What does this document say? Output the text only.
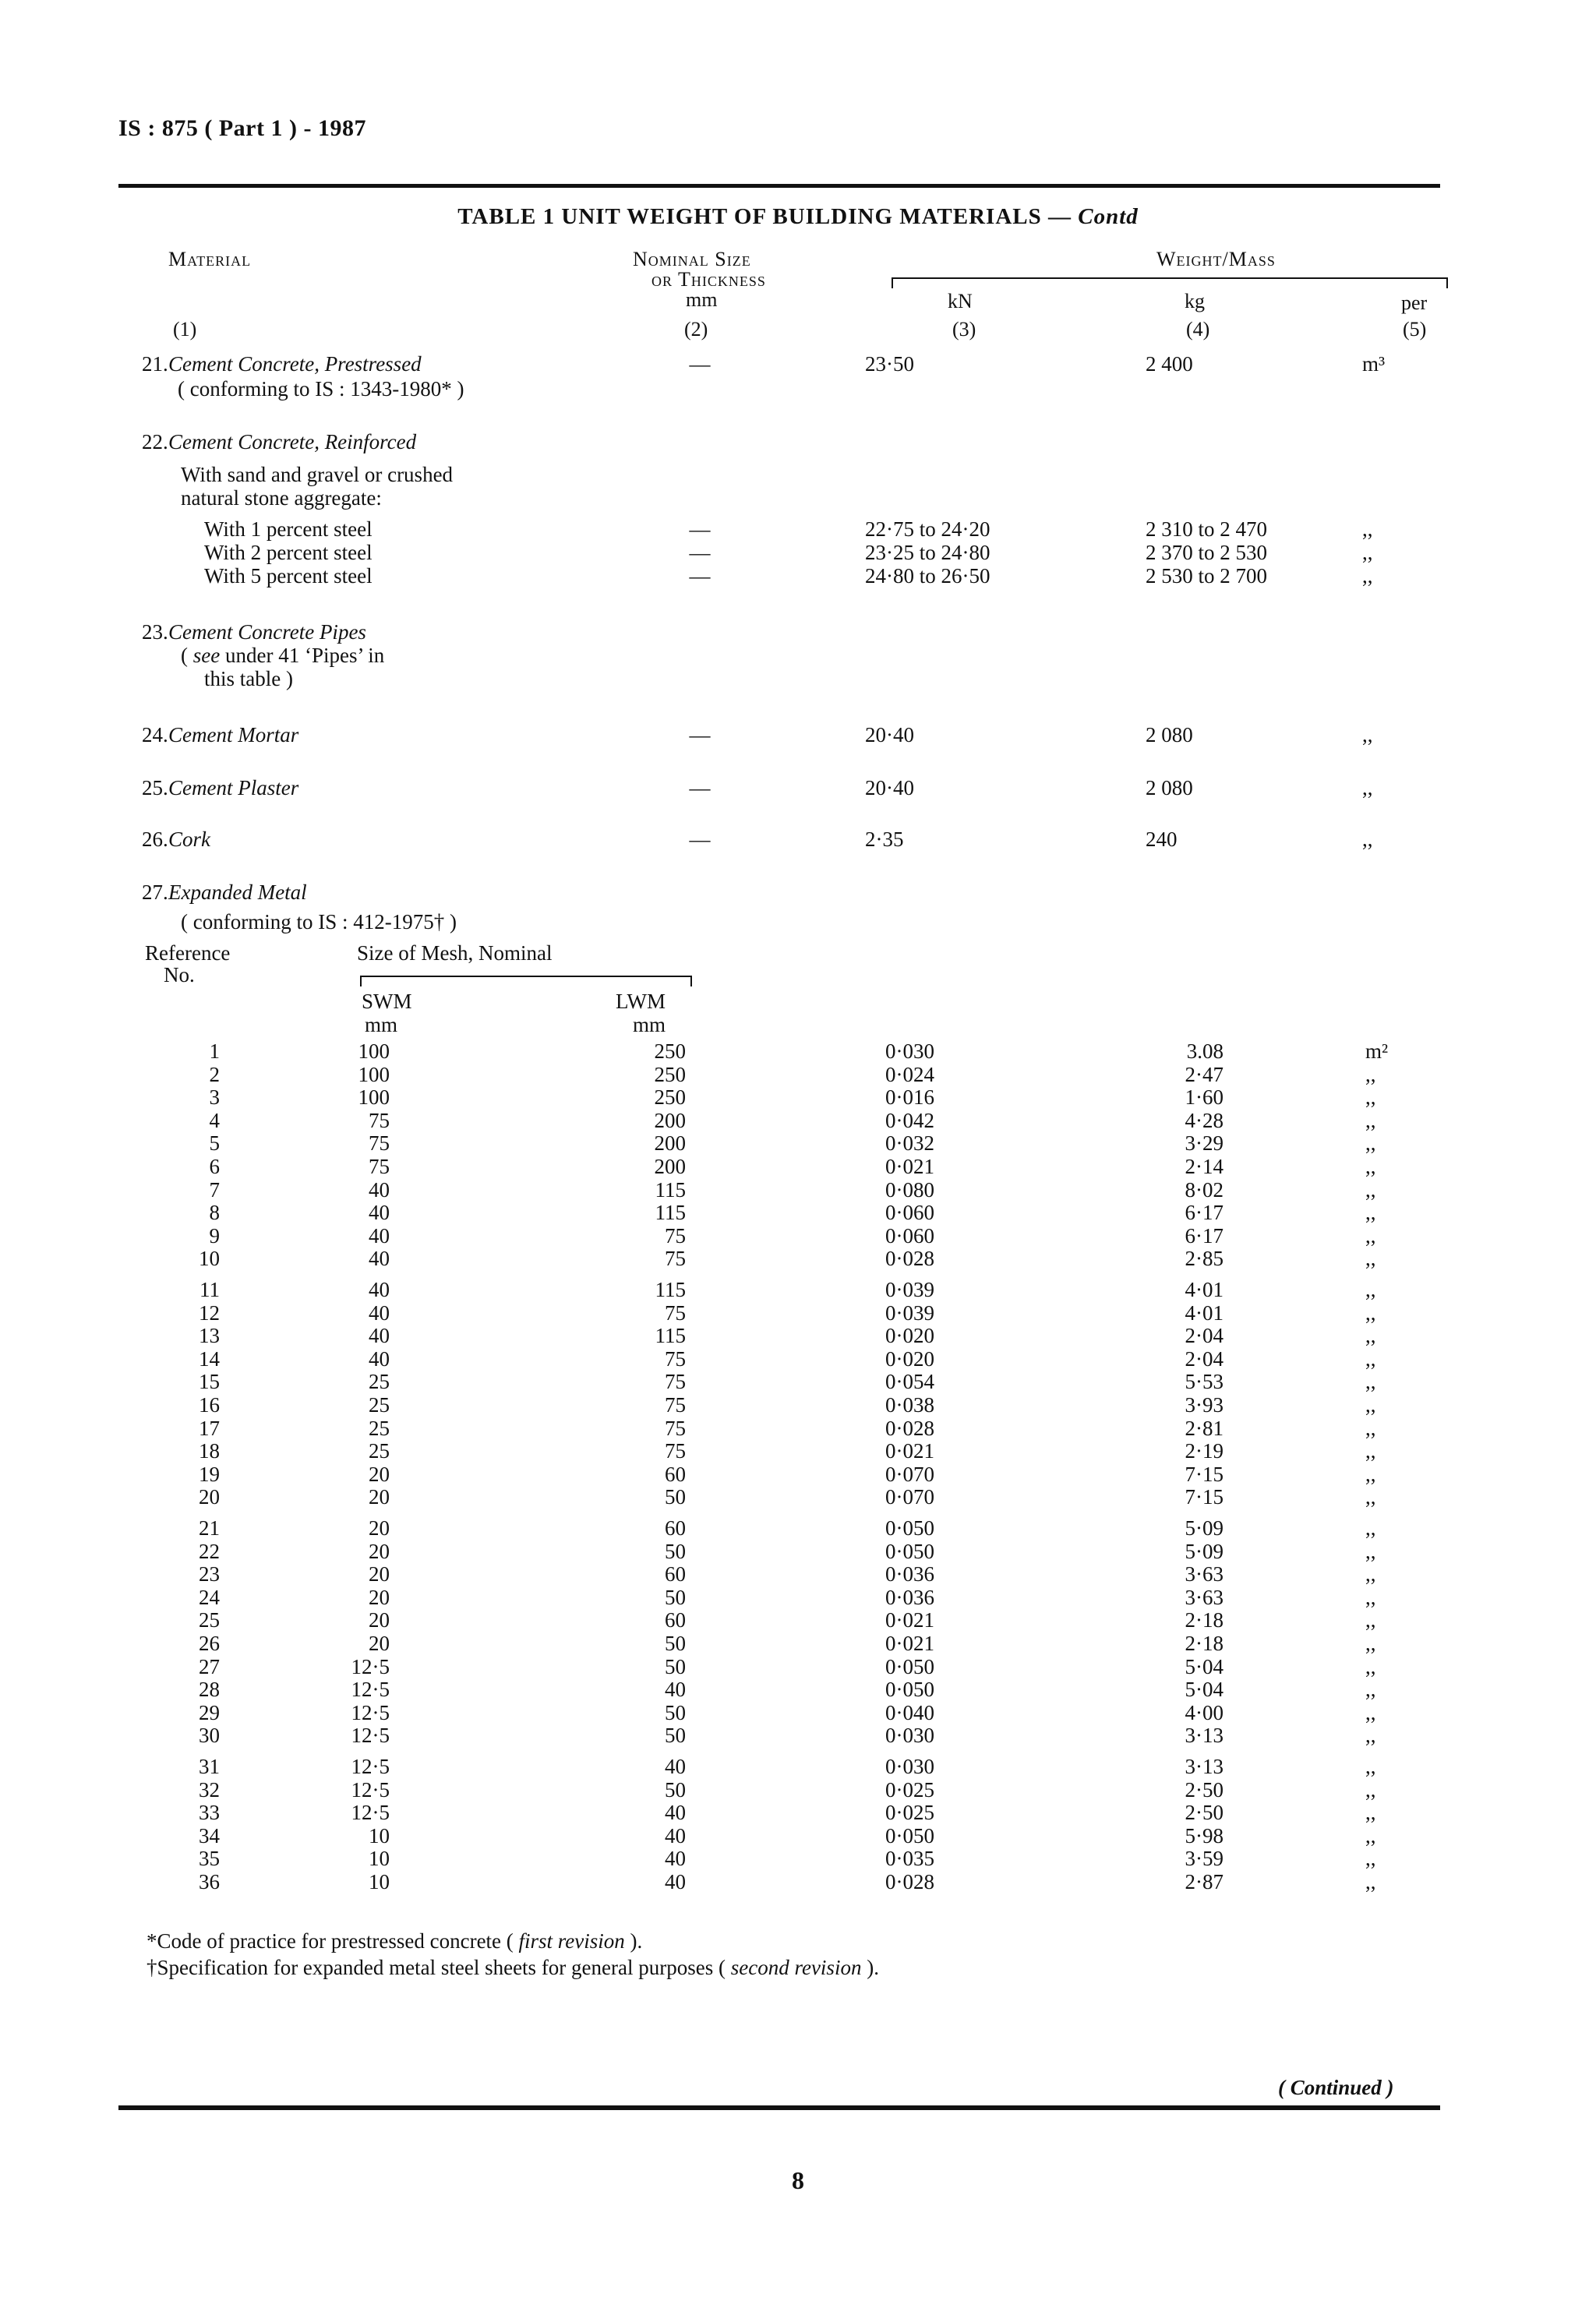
IS : 875 ( Part 1 ) - 1987
TABLE 1 UNIT WEIGHT OF BUILDING MATERIALS — Contd
Material	Nominal Size
or Thickness
mm
Weight/Mass
kN	kg	per
(1)	(2)	(3)	(4)	(5)
21. Cement Concrete, Prestressed	—	23·50	2 400	m³
( conforming to IS : 1343-1980* )
22. Cement Concrete, Reinforced
With sand and gravel or crushed
natural stone aggregate:
With 1 percent steel	—	22·75 to 24·20	2 310 to 2 470	,,
With 2 percent steel	—	23·25 to 24·80	2 370 to 2 530	,,
With 5 percent steel	—	24·80 to 26·50	2 530 to 2 700	,,
23. Cement Concrete Pipes
( see under 41 ‘Pipes’ in
this table )
24. Cement Mortar	—	20·40	2 080	,,
25. Cement Plaster	—	20·40	2 080	,,
26. Cork	—	2·35	240	,,
27. Expanded Metal
( conforming to IS : 412-1975† )
Reference	Size of Mesh, Nominal
No.
SWM	LWM
mm	mm
1	100	250	0·030	3.08	m²
2	100	250	0·024	2·47	,,
3	100	250	0·016	1·60	,,
4	75	200	0·042	4·28	,,
5	75	200	0·032	3·29	,,
6	75	200	0·021	2·14	,,
7	40	115	0·080	8·02	,,
8	40	115	0·060	6·17	,,
9	40	75	0·060	6·17	,,
10	40	75	0·028	2·85	,,
11	40	115	0·039	4·01	,,
12	40	75	0·039	4·01	,,
13	40	115	0·020	2·04	,,
14	40	75	0·020	2·04	,,
15	25	75	0·054	5·53	,,
16	25	75	0·038	3·93	,,
17	25	75	0·028	2·81	,,
18	25	75	0·021	2·19	,,
19	20	60	0·070	7·15	,,
20	20	50	0·070	7·15	,,
21	20	60	0·050	5·09	,,
22	20	50	0·050	5·09	,,
23	20	60	0·036	3·63	,,
24	20	50	0·036	3·63	,,
25	20	60	0·021	2·18	,,
26	20	50	0·021	2·18	,,
27	12·5	50	0·050	5·04	,,
28	12·5	40	0·050	5·04	,,
29	12·5	50	0·040	4·00	,,
30	12·5	50	0·030	3·13	,,
31	12·5	40	0·030	3·13	,,
32	12·5	50	0·025	2·50	,,
33	12·5	40	0·025	2·50	,,
34	10	40	0·050	5·98	,,
35	10	40	0·035	3·59	,,
36	10	40	0·028	2·87	,,
*Code of practice for prestressed concrete ( first revision ).
†Specification for expanded metal steel sheets for general purposes ( second revision ).
( Continued )
8
